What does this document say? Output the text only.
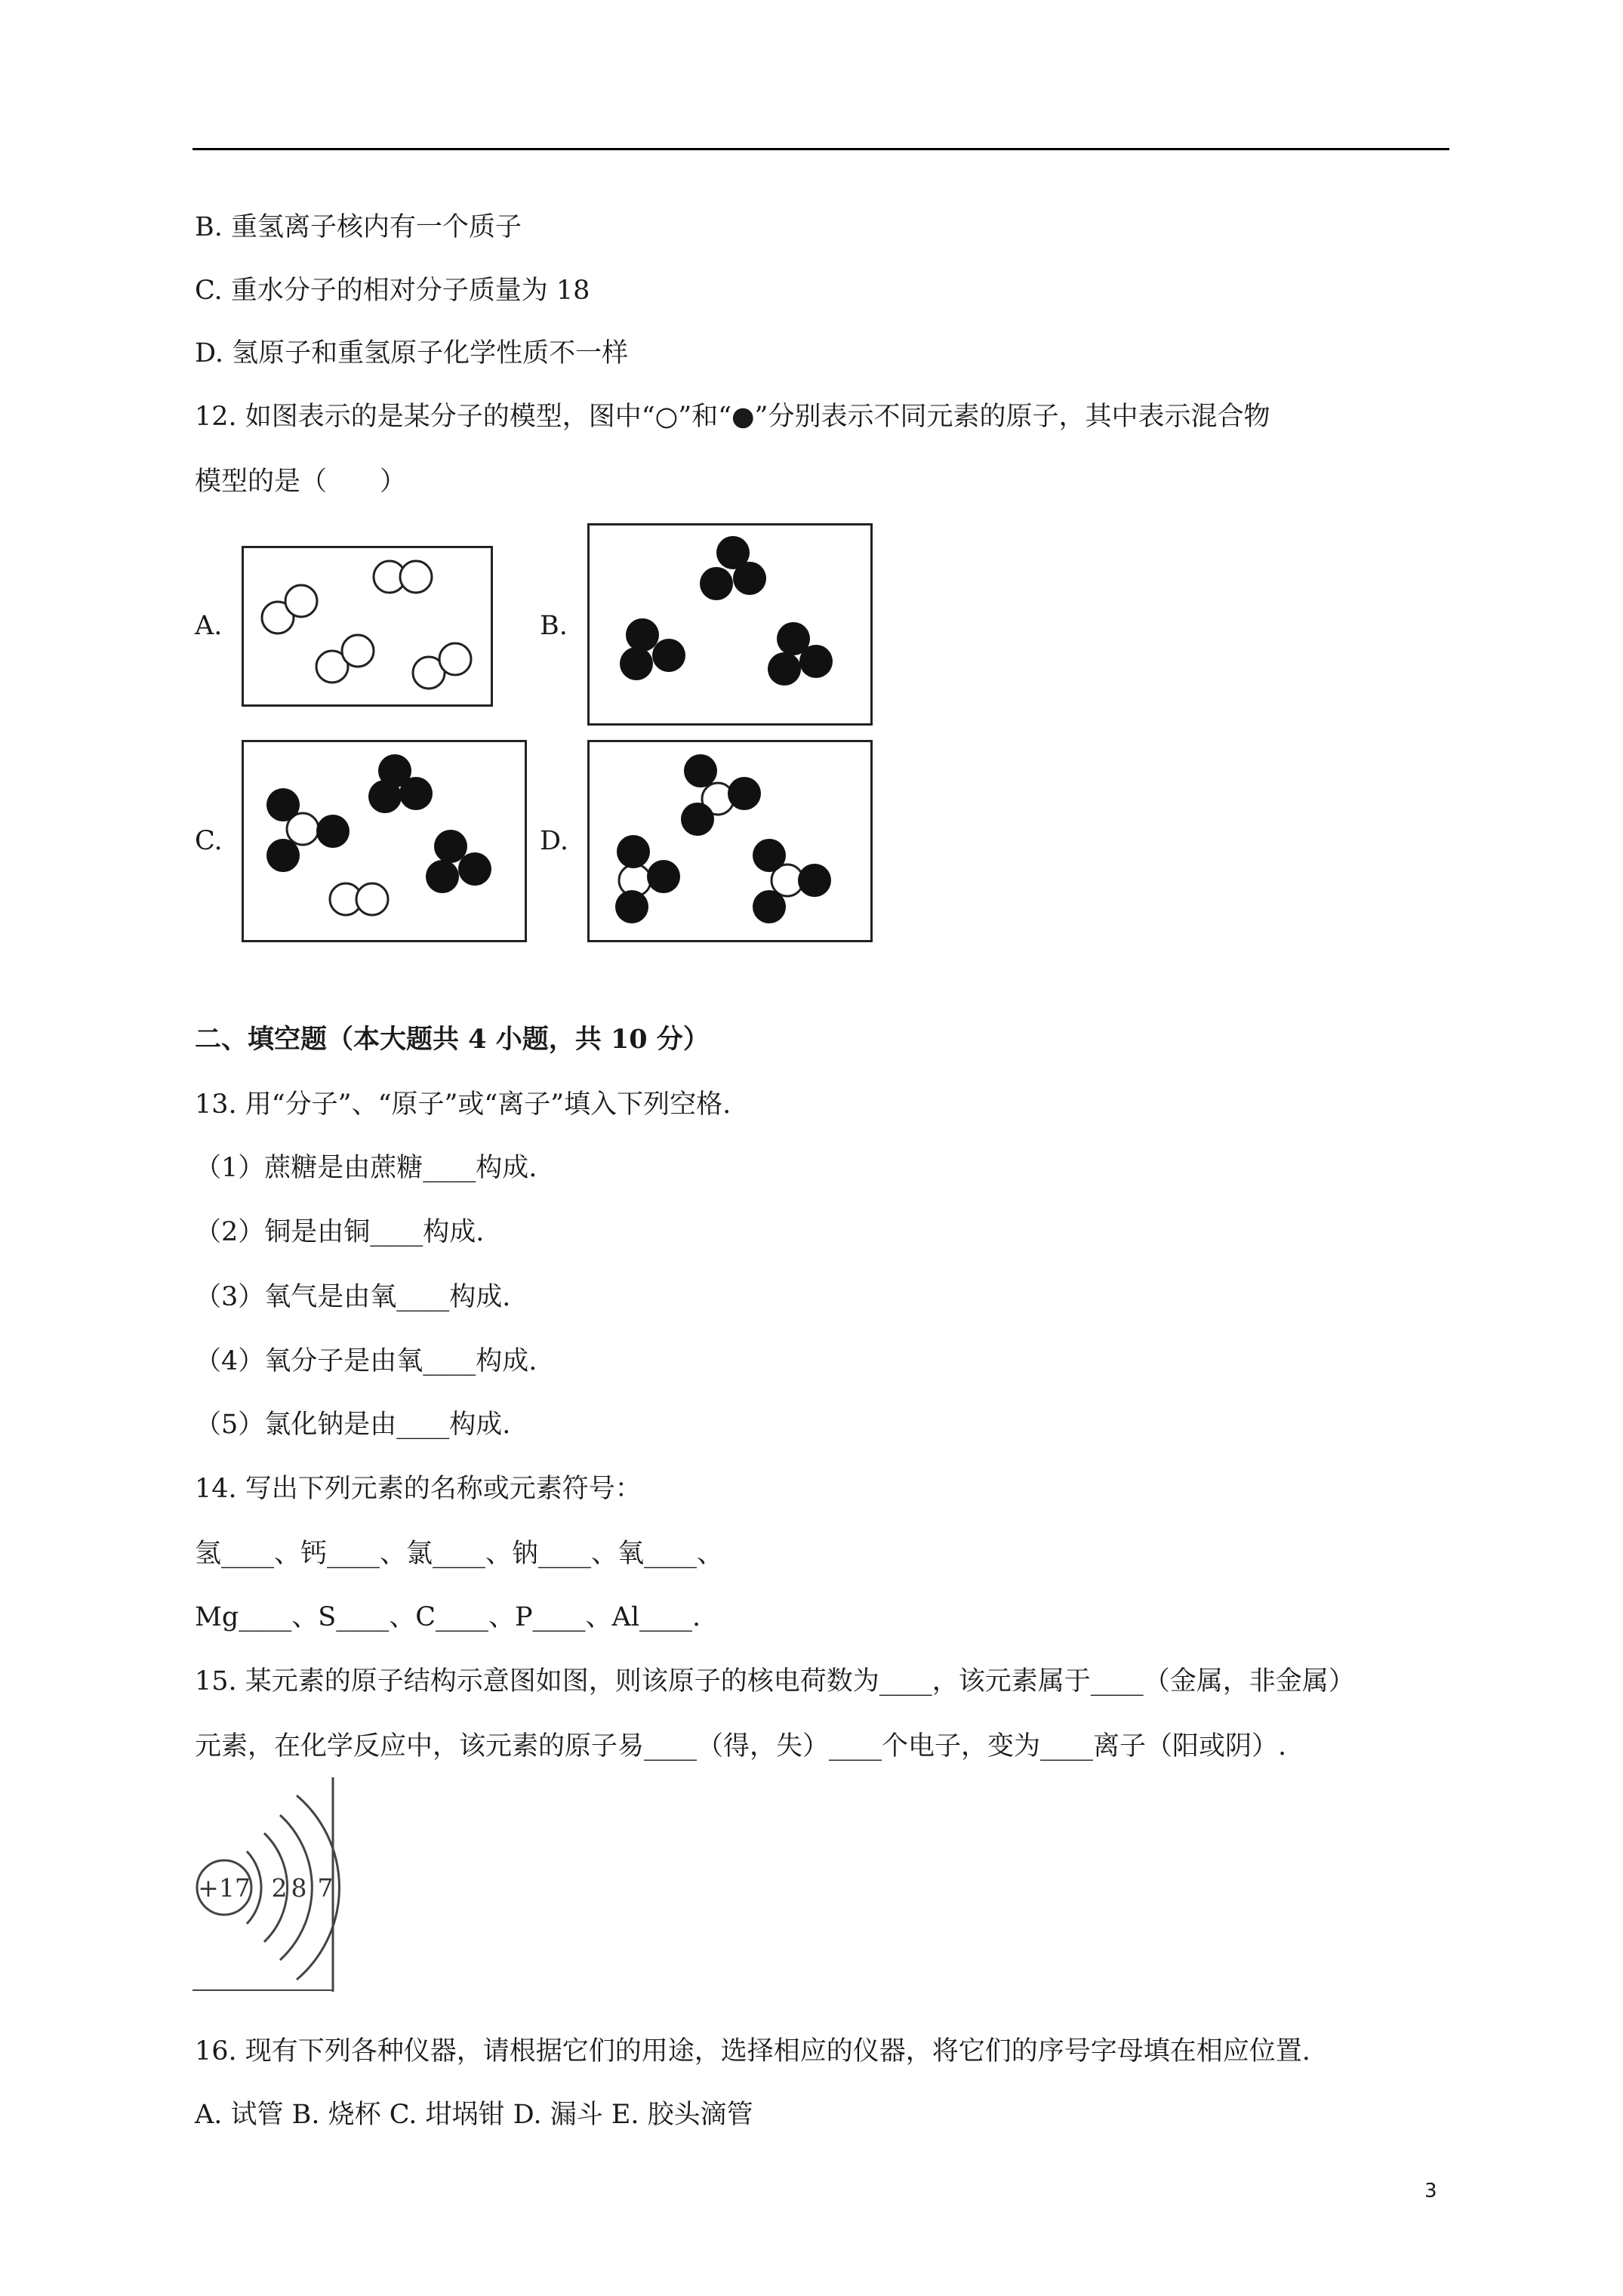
B. 重氢离子核内有一个质子
C. 重水分子的相对分子质量为 18
D. 氢原子和重氢原子化学性质不一样
12. 如图表示的是某分子的模型，图中“○”和“●”分别表示不同元素的原子，其中表示混合物
模型的是（　　）
A.	B.
C.	D.
二、填空题（本大题共 4 小题，共 10 分）
13. 用“分子”、“原子”或“离子”填入下列空格.
（1）蔗糖是由蔗糖____构成.
（2）铜是由铜____构成.
（3）氧气是由氧____构成.
（4）氧分子是由氧____构成.
（5）氯化钠是由____构成.
14. 写出下列元素的名称或元素符号：
氢____、钙____、氯____、钠____、氧____、
Mg____、S____、C____、P____、Al____.
15. 某元素的原子结构示意图如图，则该原子的核电荷数为____，该元素属于____（金属，非金属）
元素，在化学反应中，该元素的原子易____（得，失）____个电子，变为____离子（阳或阴）.
+17 2 8 7
16. 现有下列各种仪器，请根据它们的用途，选择相应的仪器，将它们的序号字母填在相应位置.
A. 试管 B. 烧杯 C. 坩埚钳 D. 漏斗 E. 胶头滴管
3
